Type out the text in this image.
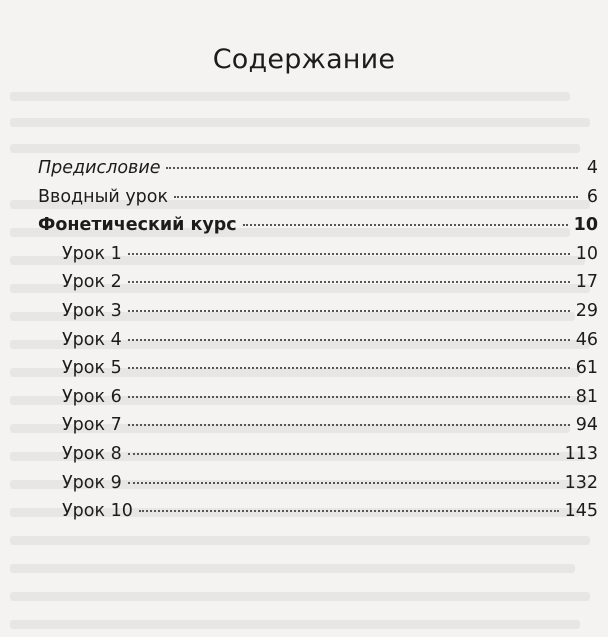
Содержание
Предисловие	4
Вводный урок	6
Фонетический курс	10
Урок 1	10
Урок 2	17
Урок 3	29
Урок 4	46
Урок 5	61
Урок 6	81
Урок 7	94
Урок 8	113
Урок 9	132
Урок 10	145
